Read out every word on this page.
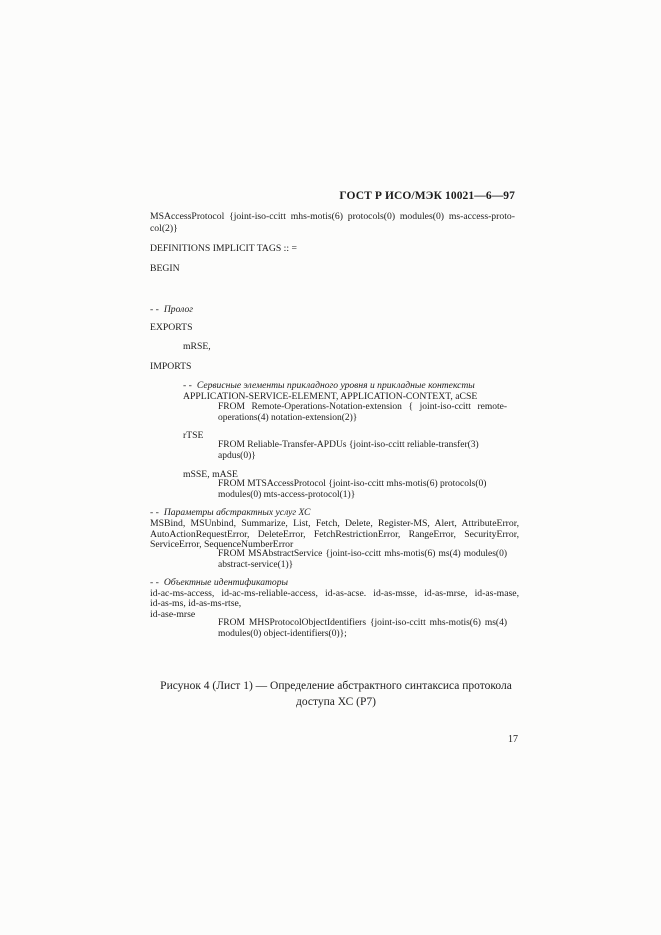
ГОСТ Р ИСО/МЭК 10021—6—97
MSAccessProtocol {joint-iso-ccitt mhs-motis(6) protocols(0) modules(0) ms-access-proto-
col(2)}
DEFINITIONS IMPLICIT TAGS :: =
BEGIN
- - Пролог
EXPORTS
mRSE,
IMPORTS
- - Сервисные элементы прикладного уровня и прикладные контексты
APPLICATION-SERVICE-ELEMENT, APPLICATION-CONTEXT, aCSE
FROM Remote-Operations-Notation-extension { joint-iso-ccitt remote-
operations(4) notation-extension(2)}
rTSE
FROM Reliable-Transfer-APDUs {joint-iso-ccitt reliable-transfer(3)
apdus(0)}
mSSE, mASE
FROM MTSAccessProtocol {joint-iso-ccitt mhs-motis(6) protocols(0)
modules(0) mts-access-protocol(1)}
- - Параметры абстрактных услуг ХС
MSBind, MSUnbind, Summarize, List, Fetch, Delete, Register-MS, Alert, AttributeError,
AutoActionRequestError, DeleteError, FetchRestrictionError, RangeError, SecurityError,
ServiceError, SequenceNumberError
FROM MSAbstractService {joint-iso-ccitt mhs-motis(6) ms(4) modules(0)
abstract-service(1)}
- - Объектные идентификаторы
id-ac-ms-access, id-ac-ms-reliable-access, id-as-acse. id-as-msse, id-as-mrse, id-as-mase,
id-as-ms, id-as-ms-rtse,
id-ase-mrse
FROM MHSProtocolObjectIdentifiers {joint-iso-ccitt mhs-motis(6) ms(4)
modules(0) object-identifiers(0)};
Рисунок 4 (Лист 1) — Определение абстрактного синтаксиса протокола
доступа ХС (Р7)
17
